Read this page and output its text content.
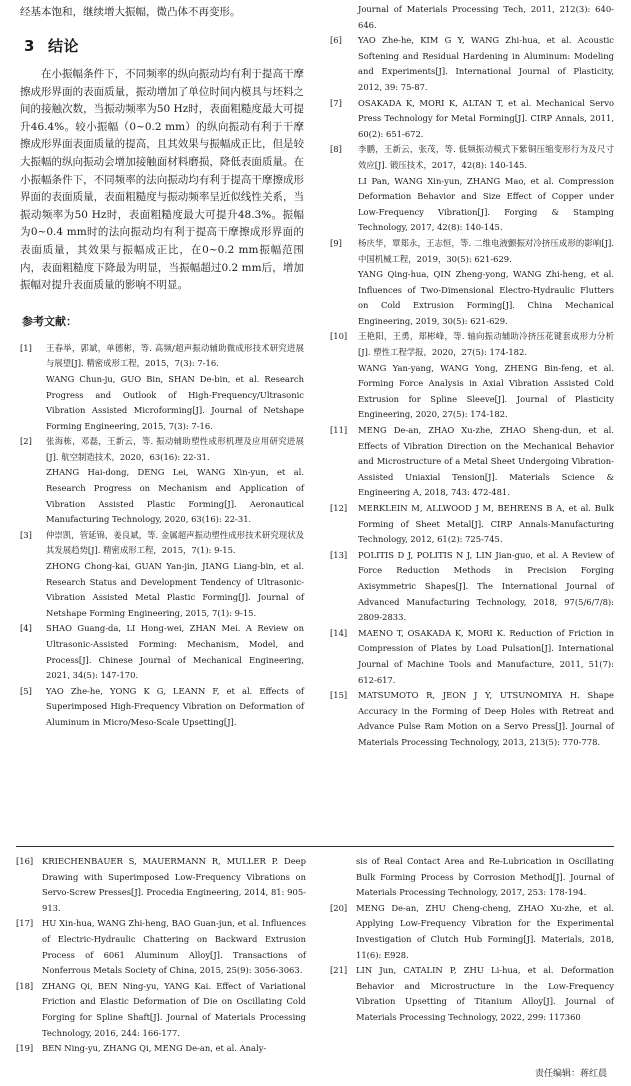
经基本饱和，继续增大振幅，微凸体不再变形。

3 结论

在小振幅条件下，不同频率的纵向振动均有利于提高干摩擦成形界面的表面质量，振动增加了单位时间内模具与坯料之间的接触次数，当振动频率为50 Hz时，表面粗糙度最大可提升46.4%。较小振幅（0~0.2 mm）的纵向振动有利于干摩擦成形界面表面质量的提高，且其效果与振幅成正比，但是较大振幅的纵向振动会增加接触面材料磨损，降低表面质量。在小振幅条件下，不同频率的法向振动均有利于提高干摩擦成形界面的表面质量，表面粗糙度与振动频率呈近似线性关系，当振动频率为50 Hz时，表面粗糙度最大可提升48.3%。振幅为0~0.4 mm时的法向振动均有利于提高干摩擦成形界面的表面质量，其效果与振幅成正比，在0~0.2 mm振幅范围内，表面粗糙度下降最为明显，当振幅超过0.2 mm后，增加振幅对提升表面质量的影响不明显。

参考文献：
[1]	王春举，郭斌，单德彬，等. 高频/超声振动辅助微成形技术研究进展与展望[J]. 精密成形工程，2015，7(3): 7-16.
WANG Chun-ju, GUO Bin, SHAN De-bin, et al. Research Progress and Outlook of High-Frequency/Ultrasonic Vibration Assisted Microforming[J]. Journal of Netshape Forming Engineering, 2015, 7(3): 7-16.
[2]	张海栋，邓磊，王新云，等. 振动辅助塑性成形机理及应用研究进展[J]. 航空制造技术，2020，63(16): 22-31.
ZHANG Hai-dong, DENG Lei, WANG Xin-yun, et al. Research Progress on Mechanism and Application of Vibration Assisted Plastic Forming[J]. Aeronautical Manufacturing Technology, 2020, 63(16): 22-31.
[3]	仲崇凯，管延锦，姜良斌，等. 金属超声振动塑性成形技术研究现状及其发展趋势[J]. 精密成形工程，2015，7(1): 9-15.
ZHONG Chong-kai, GUAN Yan-jin, JIANG Liang-bin, et al. Research Status and Development Tendency of Ultrasonic-Vibration Assisted Metal Plastic Forming[J]. Journal of Netshape Forming Engineering, 2015, 7(1): 9-15.
[4]	SHAO Guang-da, LI Hong-wei, ZHAN Mei. A Review on Ultrasonic-Assisted Forming: Mechanism, Model, and Process[J]. Chinese Journal of Mechanical Engineering, 2021, 34(5): 147-170.
[5]	YAO Zhe-he, YONG K G, LEANN F, et al. Effects of Superimposed High-Frequency Vibration on Deformation of Aluminum in Micro/Meso-Scale Upsetting[J].
Journal of Materials Processing Tech, 2011, 212(3): 640-646.
[6]	YAO Zhe-he, KIM G Y, WANG Zhi-hua, et al. Acoustic Softening and Residual Hardening in Aluminum: Modeling and Experiments[J]. International Journal of Plasticity, 2012, 39: 75-87.
[7]	OSAKADA K, MORI K, ALTAN T, et al. Mechanical Servo Press Technology for Metal Forming[J]. CIRP Annals, 2011, 60(2): 651-672.
[8]	李鹏，王新云，张茂，等. 低频振动模式下紫铜压缩变形行为及尺寸效应[J]. 锻压技术，2017，42(8): 140-145.
LI Pan, WANG Xin-yun, ZHANG Mao, et al. Compression Deformation Behavior and Size Effect of Copper under Low-Frequency Vibration[J]. Forging & Stamping Technology, 2017, 42(8): 140-145.
[9]	杨庆华，覃郑永，王志恒，等. 二维电液颤振对冷挤压成形的影响[J]. 中国机械工程，2019，30(5): 621-629.
YANG Qing-hua, QIN Zheng-yong, WANG Zhi-heng, et al. Influences of Two-Dimensional Electro-Hydraulic Flutters on Cold Extrusion Forming[J]. China Mechanical Engineering, 2019, 30(5): 621-629.
[10]	王艳阳，王勇，郑彬峰，等. 轴向振动辅助冷挤压花键套成形力分析[J]. 塑性工程学报，2020，27(5): 174-182.
WANG Yan-yang, WANG Yong, ZHENG Bin-feng, et al. Forming Force Analysis in Axial Vibration Assisted Cold Extrusion for Spline Sleeve[J]. Journal of Plasticity Engineering, 2020, 27(5): 174-182.
[11]	MENG De-an, ZHAO Xu-zhe, ZHAO Sheng-dun, et al. Effects of Vibration Direction on the Mechanical Behavior and Microstructure of a Metal Sheet Undergoing Vibration-Assisted Uniaxial Tension[J]. Materials Science & Engineering A, 2018, 743: 472-481.
[12]	MERKLEIN M, ALLWOOD J M, BEHRENS B A, et al. Bulk Forming of Sheet Metal[J]. CIRP Annals-Manufacturing Technology, 2012, 61(2): 725-745.
[13]	POLITIS D J, POLITIS N J, LIN Jian-guo, et al. A Review of Force Reduction Methods in Precision Forging Axisymmetric Shapes[J]. The International Journal of Advanced Manufacturing Technology, 2018, 97(5/6/7/8): 2809-2833.
[14]	MAENO T, OSAKADA K, MORI K. Reduction of Friction in Compression of Plates by Load Pulsation[J]. International Journal of Machine Tools and Manufacture, 2011, 51(7): 612-617.
[15]	MATSUMOTO R, JEON J Y, UTSUNOMIYA H. Shape Accuracy in the Forming of Deep Holes with Retreat and Advance Pulse Ram Motion on a Servo Press[J]. Journal of Materials Processing Technology, 2013, 213(5): 770-778.
[16]	KRIECHENBAUER S, MAUERMANN R, MULLER P. Deep Drawing with Superimposed Low-Frequency Vibrations on Servo-Screw Presses[J]. Procedia Engineering, 2014, 81: 905-913.
[17]	HU Xin-hua, WANG Zhi-heng, BAO Guan-jun, et al. Influences of Electric-Hydraulic Chattering on Backward Extrusion Process of 6061 Aluminum Alloy[J]. Transactions of Nonferrous Metals Society of China, 2015, 25(9): 3056-3063.
[18]	ZHANG Qi, BEN Ning-yu, YANG Kai. Effect of Variational Friction and Elastic Deformation of Die on Oscillating Cold Forging for Spline Shaft[J]. Journal of Materials Processing Technology, 2016, 244: 166-177.
[19]	BEN Ning-yu, ZHANG Qi, MENG De-an, et al. Analy-
sis of Real Contact Area and Re-Lubrication in Oscillating Bulk Forming Process by Corrosion Method[J]. Journal of Materials Processing Technology, 2017, 253: 178-194.
[20]	MENG De-an, ZHU Cheng-cheng, ZHAO Xu-zhe, et al. Applying Low-Frequency Vibration for the Experimental Investigation of Clutch Hub Forming[J]. Materials, 2018, 11(6): E928.
[21]	LIN Jun, CATALIN P, ZHU Li-hua, et al. Deformation Behavior and Microstructure in the Low-Frequency Vibration Upsetting of Titanium Alloy[J]. Journal of Materials Processing Technology, 2022, 299: 117360
责任编辑：蒋红晨
